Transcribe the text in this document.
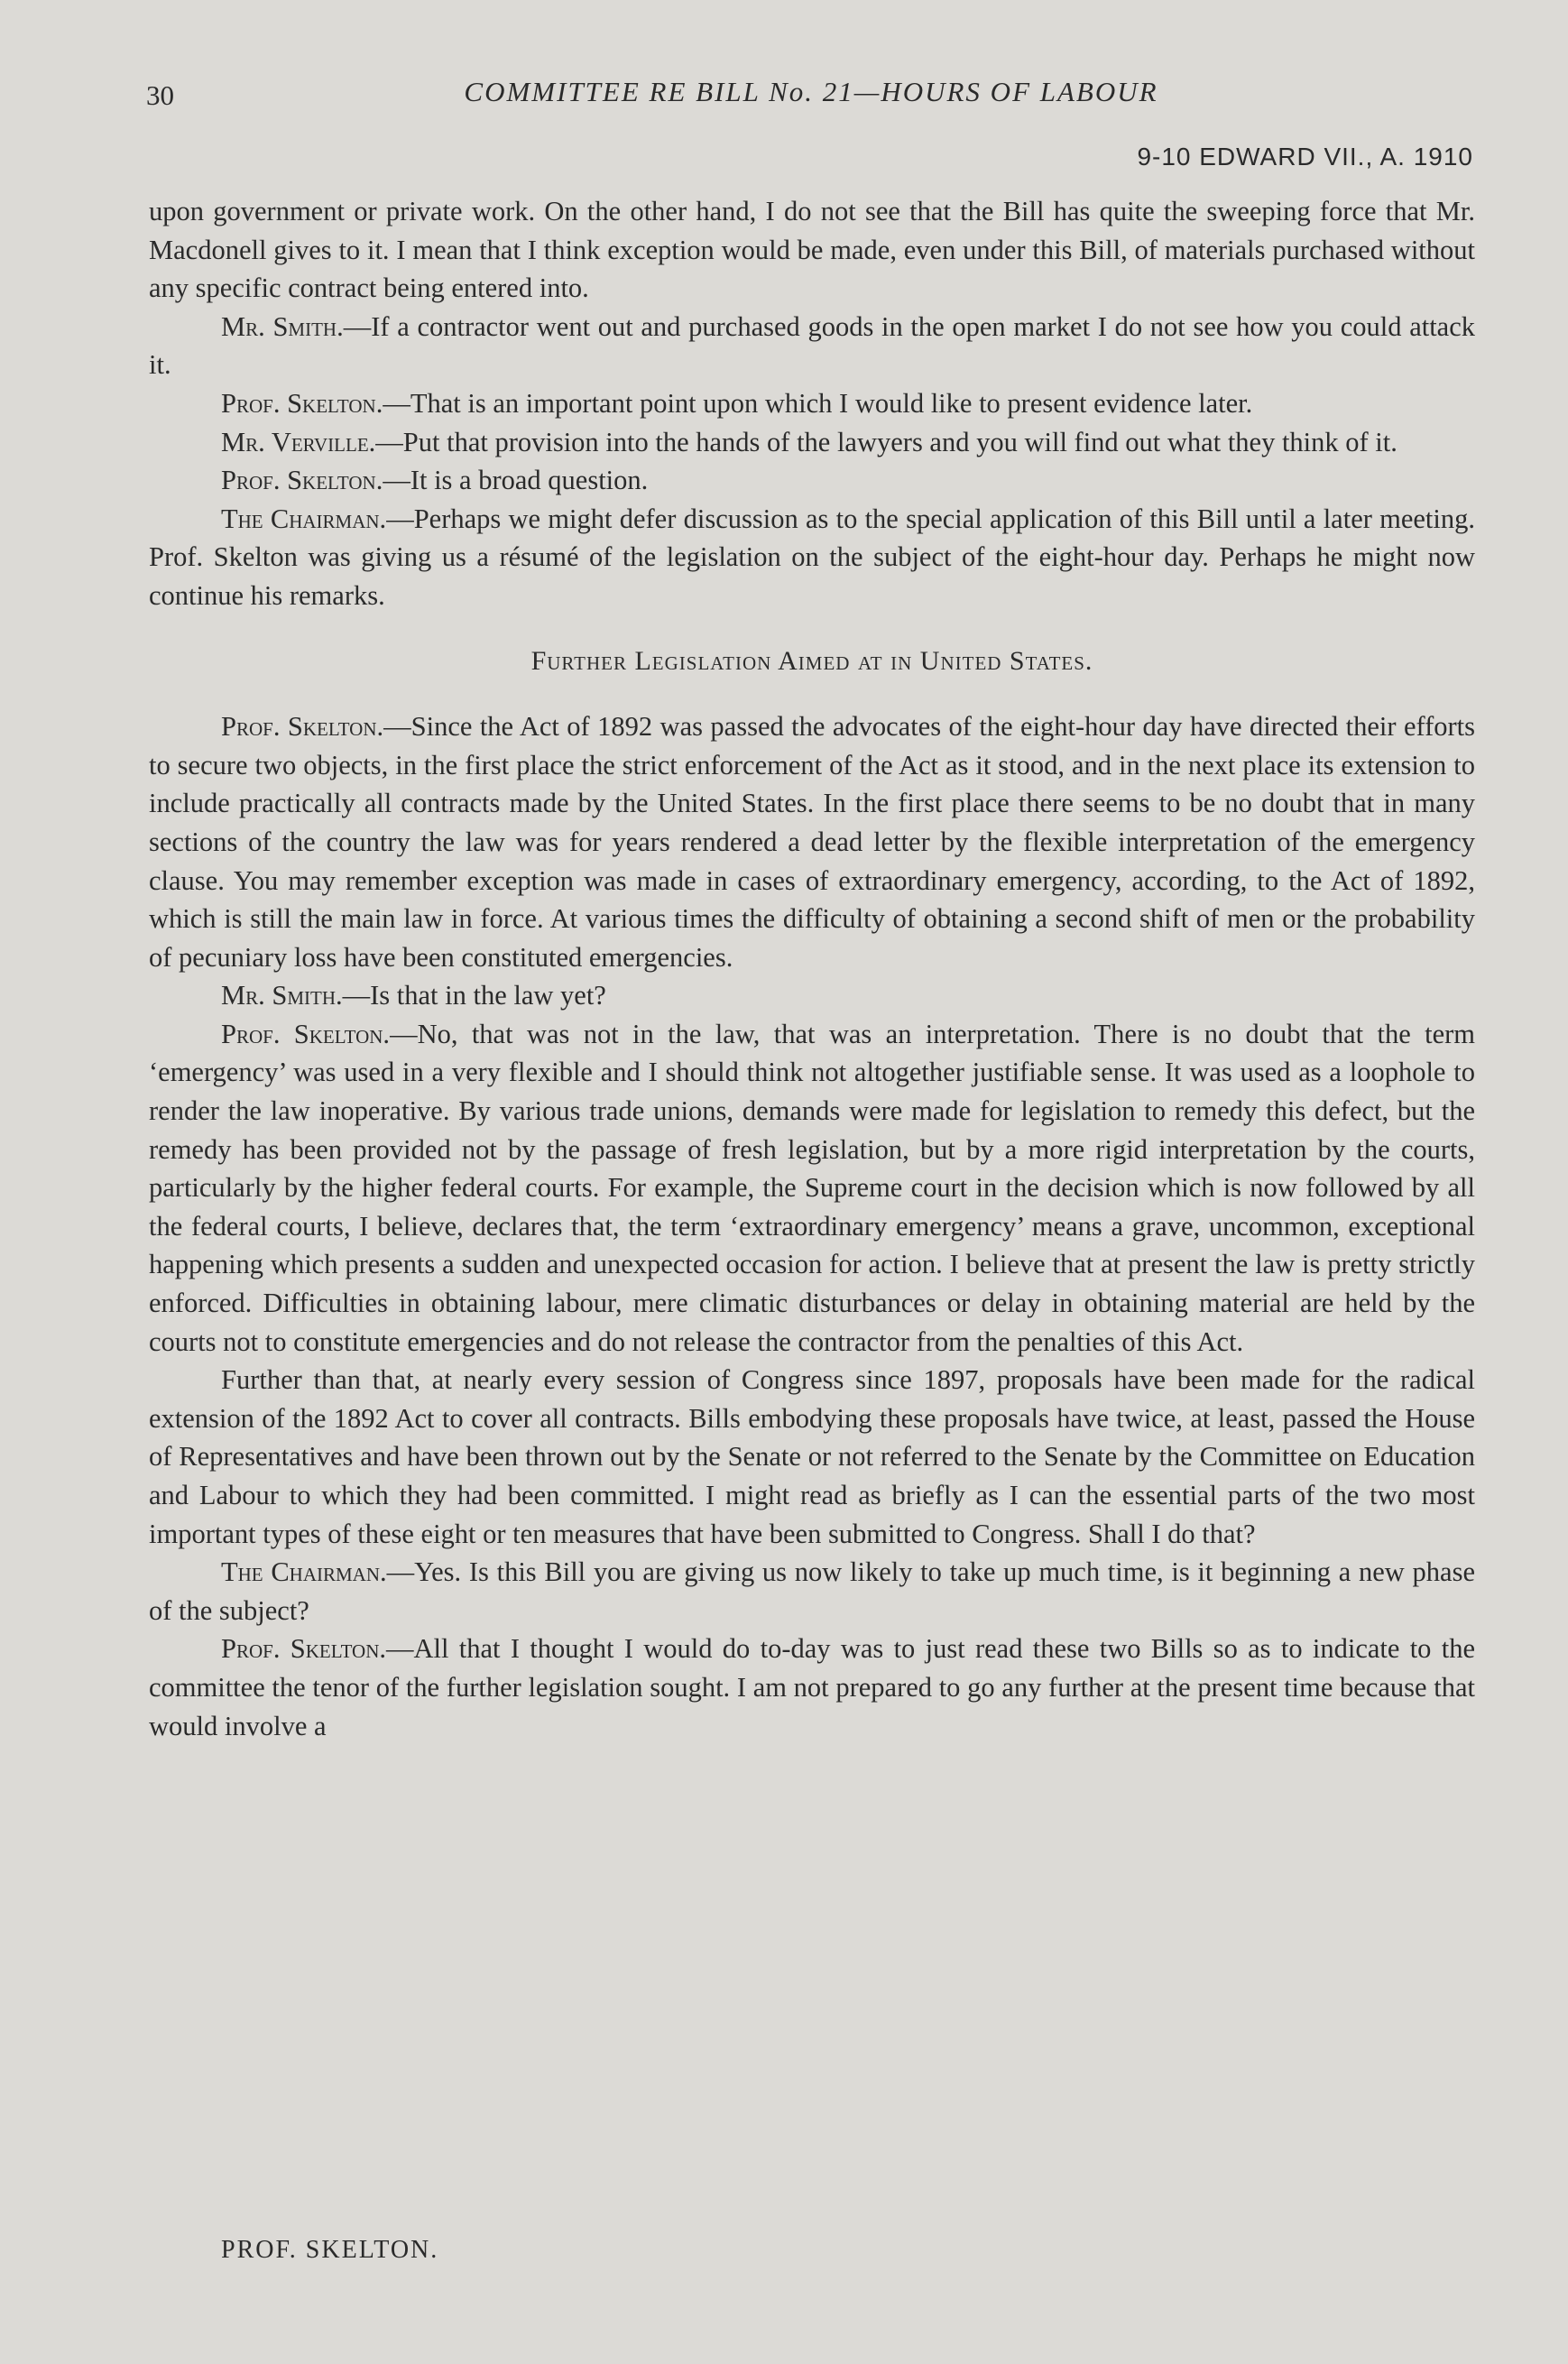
30	COMMITTEE RE BILL No. 21—HOURS OF LABOUR
9-10 EDWARD VII., A. 1910

upon government or private work. On the other hand, I do not see that the Bill has quite the sweeping force that Mr. Macdonell gives to it. I mean that I think exception would be made, even under this Bill, of materials purchased without any specific contract being entered into.

Mr. Smith.—If a contractor went out and purchased goods in the open market I do not see how you could attack it.

Prof. Skelton.—That is an important point upon which I would like to present evidence later.

Mr. Verville.—Put that provision into the hands of the lawyers and you will find out what they think of it.

Prof. Skelton.—It is a broad question.

The Chairman.—Perhaps we might defer discussion as to the special application of this Bill until a later meeting. Prof. Skelton was giving us a résumé of the legislation on the subject of the eight-hour day. Perhaps he might now continue his remarks.

Further Legislation Aimed at in United States.

Prof. Skelton.—Since the Act of 1892 was passed the advocates of the eight-hour day have directed their efforts to secure two objects, in the first place the strict enforcement of the Act as it stood, and in the next place its extension to include practically all contracts made by the United States. In the first place there seems to be no doubt that in many sections of the country the law was for years rendered a dead letter by the flexible interpretation of the emergency clause. You may remember exception was made in cases of extraordinary emergency, according, to the Act of 1892, which is still the main law in force. At various times the difficulty of obtaining a second shift of men or the probability of pecuniary loss have been constituted emergencies.

Mr. Smith.—Is that in the law yet?

Prof. Skelton.—No, that was not in the law, that was an interpretation. There is no doubt that the term ‘emergency’ was used in a very flexible and I should think not altogether justifiable sense. It was used as a loophole to render the law inoperative. By various trade unions, demands were made for legislation to remedy this defect, but the remedy has been provided not by the passage of fresh legislation, but by a more rigid interpretation by the courts, particularly by the higher federal courts. For example, the Supreme court in the decision which is now followed by all the federal courts, I believe, declares that, the term ‘extraordinary emergency’ means a grave, uncommon, exceptional happening which presents a sudden and unexpected occasion for action. I believe that at present the law is pretty strictly enforced. Difficulties in obtaining labour, mere climatic disturbances or delay in obtaining material are held by the courts not to constitute emergencies and do not release the contractor from the penalties of this Act.

Further than that, at nearly every session of Congress since 1897, proposals have been made for the radical extension of the 1892 Act to cover all contracts. Bills embodying these proposals have twice, at least, passed the House of Representatives and have been thrown out by the Senate or not referred to the Senate by the Committee on Education and Labour to which they had been committed. I might read as briefly as I can the essential parts of the two most important types of these eight or ten measures that have been submitted to Congress. Shall I do that?

The Chairman.—Yes. Is this Bill you are giving us now likely to take up much time, is it beginning a new phase of the subject?

Prof. Skelton.—All that I thought I would do to-day was to just read these two Bills so as to indicate to the committee the tenor of the further legislation sought. I am not prepared to go any further at the present time because that would involve a

PROF. SKELTON.
